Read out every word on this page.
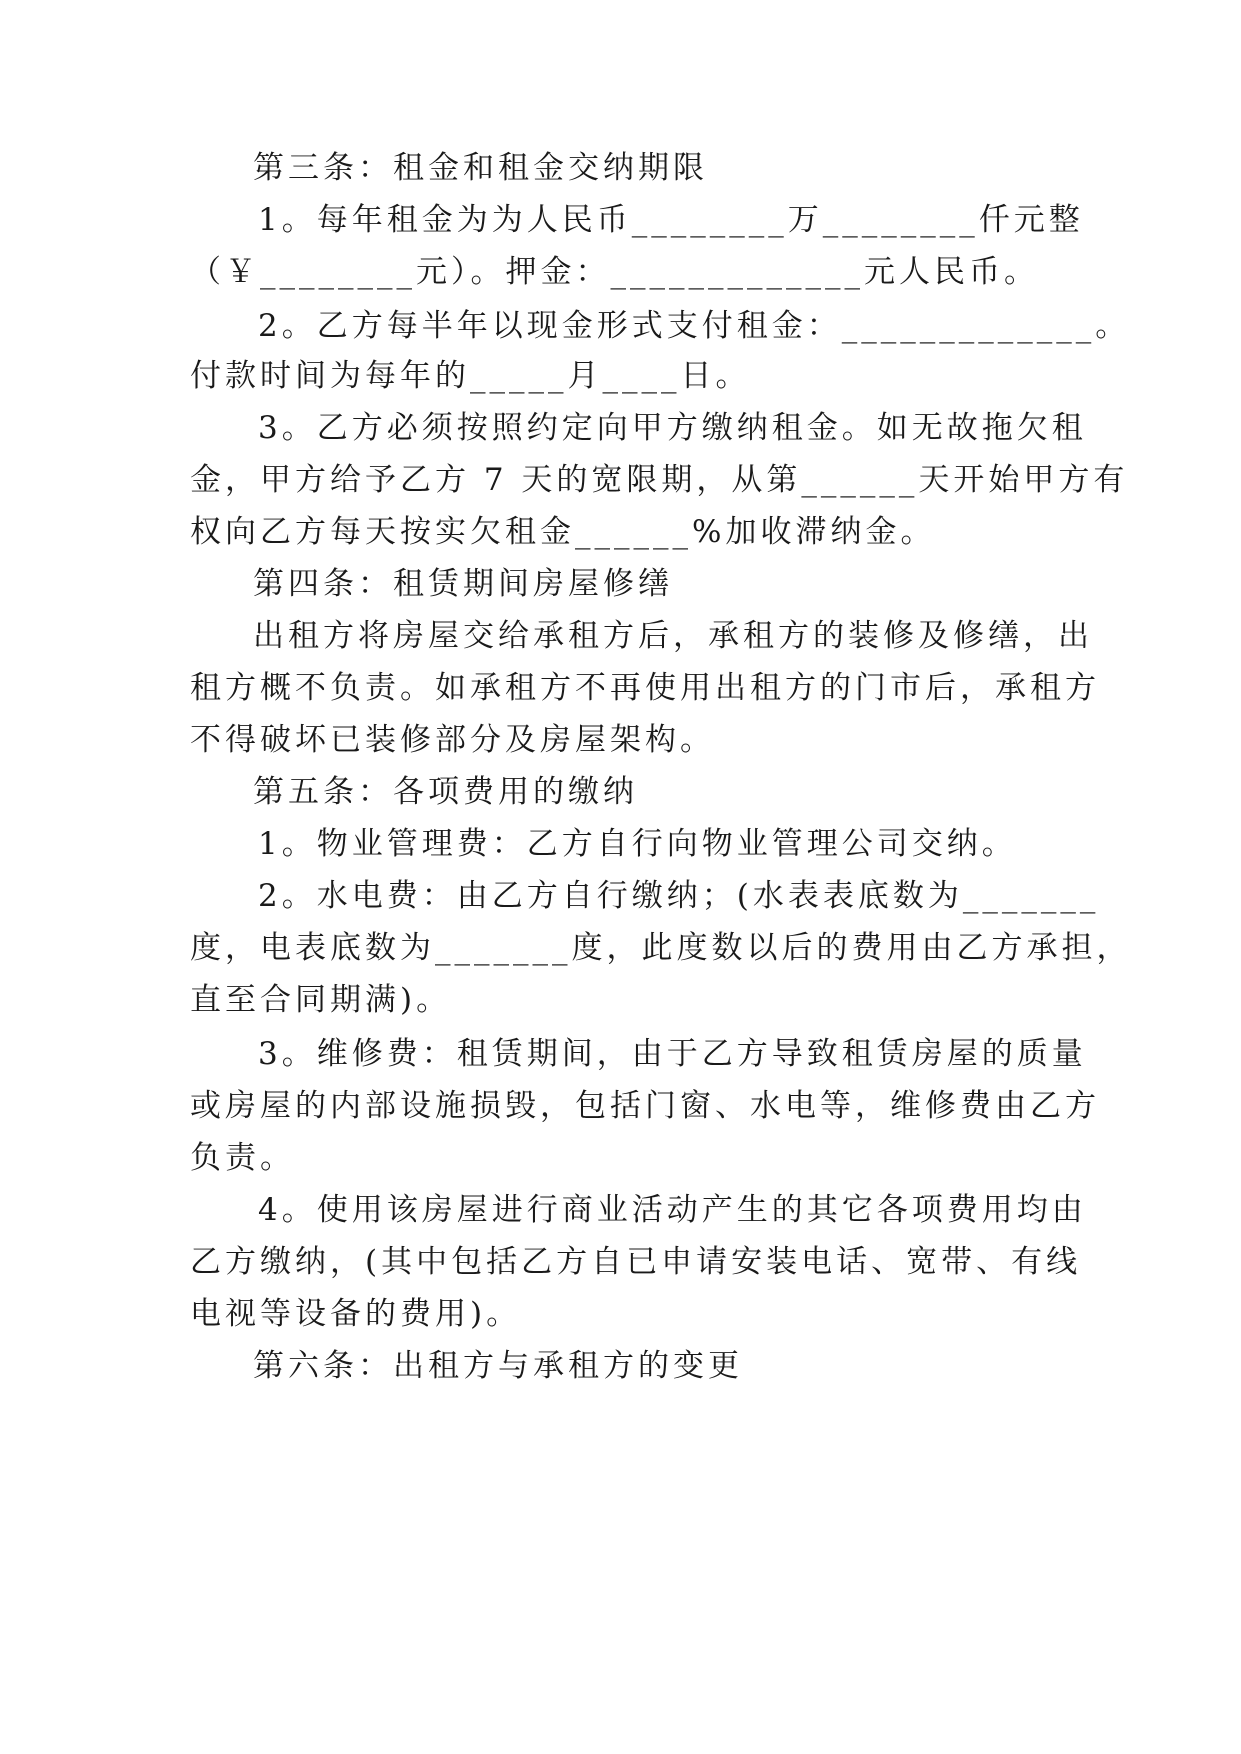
第三条：租金和租金交纳期限
1。每年租金为为人民币________万________仟元整
（￥________元）。押金：_____________元人民币。
2。乙方每半年以现金形式支付租金：_____________。
付款时间为每年的_____月____日。
3。乙方必须按照约定向甲方缴纳租金。如无故拖欠租
金，甲方给予乙方 7 天的宽限期，从第______天开始甲方有
权向乙方每天按实欠租金______%加收滞纳金。
第四条：租赁期间房屋修缮
出租方将房屋交给承租方后，承租方的装修及修缮，出
租方概不负责。如承租方不再使用出租方的门市后，承租方
不得破坏已装修部分及房屋架构。
第五条：各项费用的缴纳
1。物业管理费：乙方自行向物业管理公司交纳。
2。水电费：由乙方自行缴纳；(水表表底数为_______
度，电表底数为_______度，此度数以后的费用由乙方承担，
直至合同期满)。
3。维修费：租赁期间，由于乙方导致租赁房屋的质量
或房屋的内部设施损毁，包括门窗、水电等，维修费由乙方
负责。
4。使用该房屋进行商业活动产生的其它各项费用均由
乙方缴纳，(其中包括乙方自已申请安装电话、宽带、有线
电视等设备的费用)。
第六条：出租方与承租方的变更
